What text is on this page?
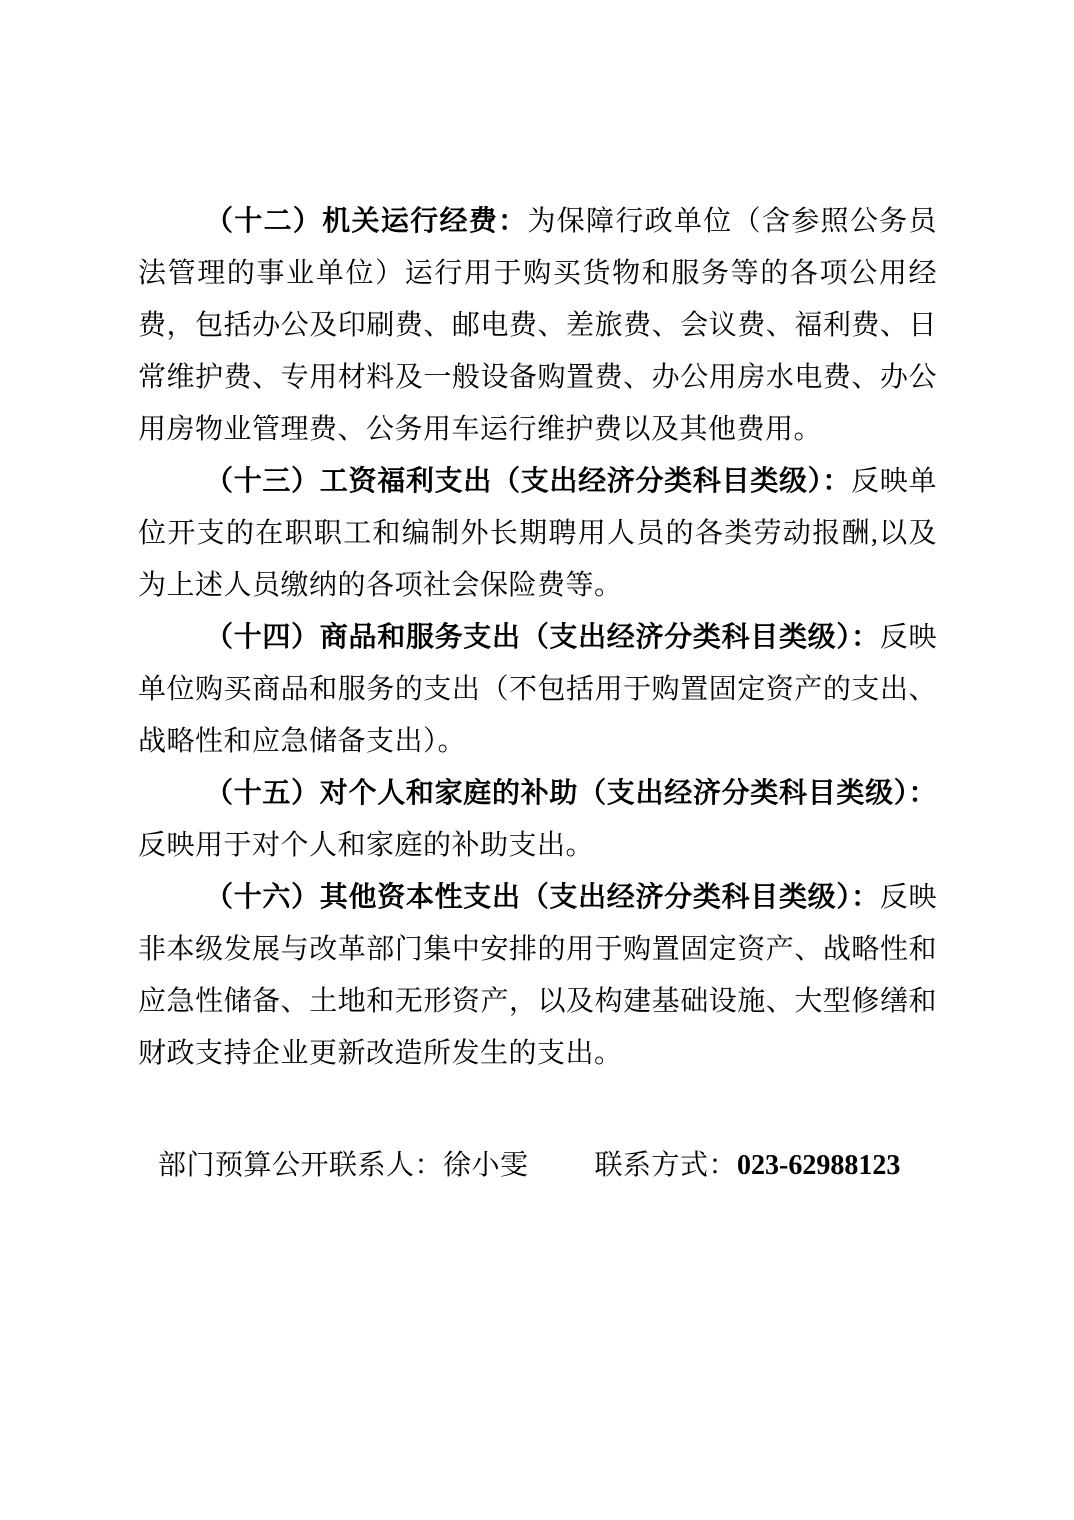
（十二）机关运行经费：为保障行政单位（含参照公务员法管理的事业单位）运行用于购买货物和服务等的各项公用经费，包括办公及印刷费、邮电费、差旅费、会议费、福利费、日常维护费、专用材料及一般设备购置费、办公用房水电费、办公用房物业管理费、公务用车运行维护费以及其他费用。

（十三）工资福利支出（支出经济分类科目类级）：反映单位开支的在职职工和编制外长期聘用人员的各类劳动报酬,以及为上述人员缴纳的各项社会保险费等。

（十四）商品和服务支出（支出经济分类科目类级）：反映单位购买商品和服务的支出（不包括用于购置固定资产的支出、战略性和应急储备支出）。

（十五）对个人和家庭的补助（支出经济分类科目类级）：反映用于对个人和家庭的补助支出。

（十六）其他资本性支出（支出经济分类科目类级）：反映非本级发展与改革部门集中安排的用于购置固定资产、战略性和应急性储备、土地和无形资产，以及构建基础设施、大型修缮和财政支持企业更新改造所发生的支出。

部门预算公开联系人：徐小雯 联系方式：023-62988123
